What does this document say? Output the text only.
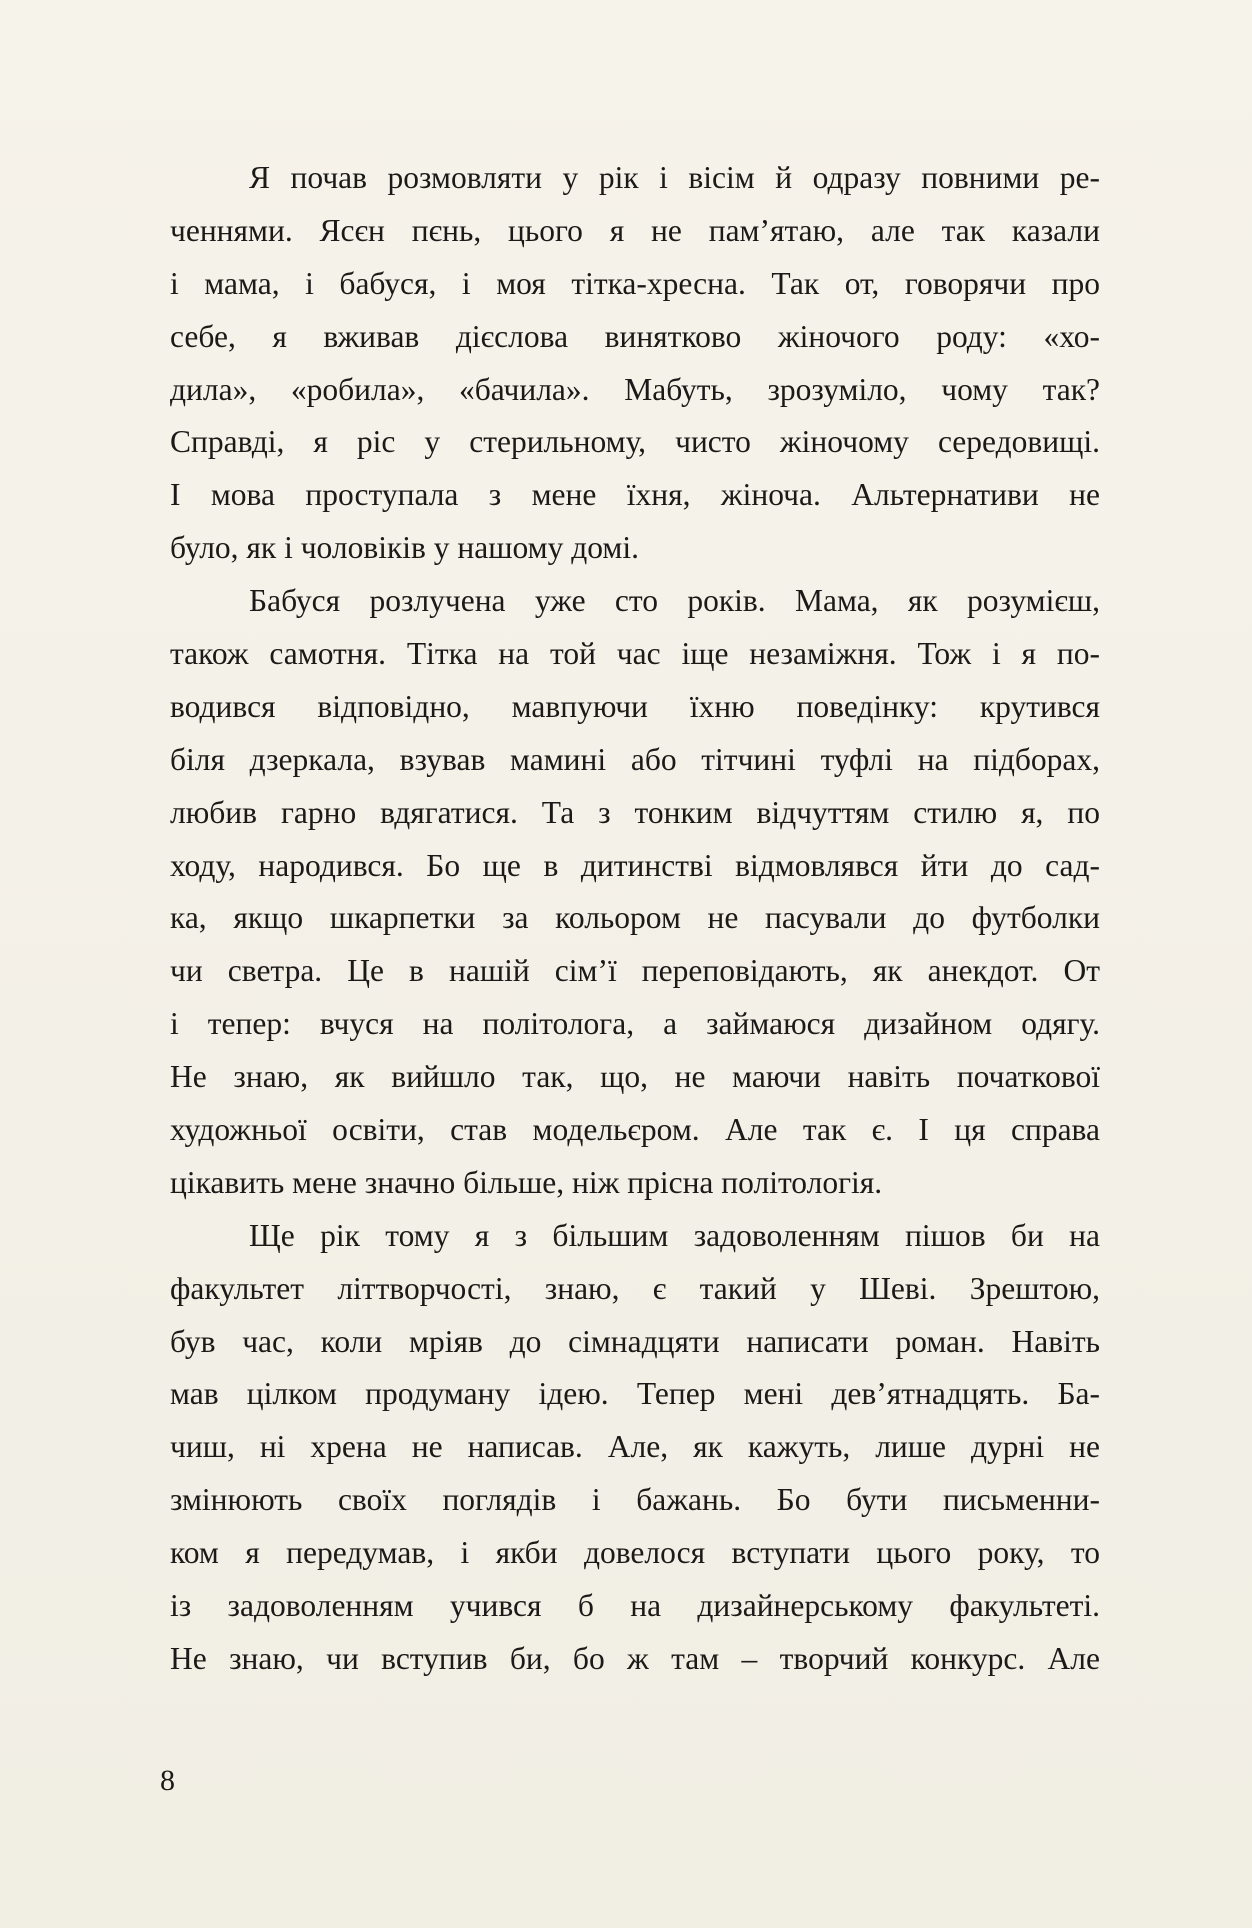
Я почав розмовляти у рік і вісім й одразу повними ре-
ченнями. Ясєн пєнь, цього я не пам’ятаю, але так казали
і мама, і бабуся, і моя тітка-хресна. Так от, говорячи про
себе, я вживав дієслова винятково жіночого роду: «хо-
дила», «робила», «бачила». Мабуть, зрозуміло, чому так?
Справді, я ріс у стерильному, чисто жіночому середовищі.
І мова проступала з мене їхня, жіноча. Альтернативи не
було, як і чоловіків у нашому домі.
Бабуся розлучена уже сто років. Мама, як розумієш,
також самотня. Тітка на той час іще незаміжня. Тож і я по-
водився відповідно, мавпуючи їхню поведінку: крутився
біля дзеркала, взував мамині або тітчині туфлі на підборах,
любив гарно вдягатися. Та з тонким відчуттям стилю я, по
ходу, народився. Бо ще в дитинстві відмовлявся йти до сад-
ка, якщо шкарпетки за кольором не пасували до футболки
чи светра. Це в нашій сім’ї переповідають, як анекдот. От
і тепер: вчуся на політолога, а займаюся дизайном одягу.
Не знаю, як вийшло так, що, не маючи навіть початкової
художньої освіти, став модельєром. Але так є. І ця справа
цікавить мене значно більше, ніж прісна політологія.
Ще рік тому я з більшим задоволенням пішов би на
факультет літтворчості, знаю, є такий у Шеві. Зрештою,
був час, коли мріяв до сімнадцяти написати роман. Навіть
мав цілком продуману ідею. Тепер мені дев’ятнадцять. Ба-
чиш, ні хрена не написав. Але, як кажуть, лише дурні не
змінюють своїх поглядів і бажань. Бо бути письменни-
ком я передумав, і якби довелося вступати цього року, то
із задоволенням учився б на дизайнерському факультеті.
Не знаю, чи вступив би, бо ж там – творчий конкурс. Але
8
